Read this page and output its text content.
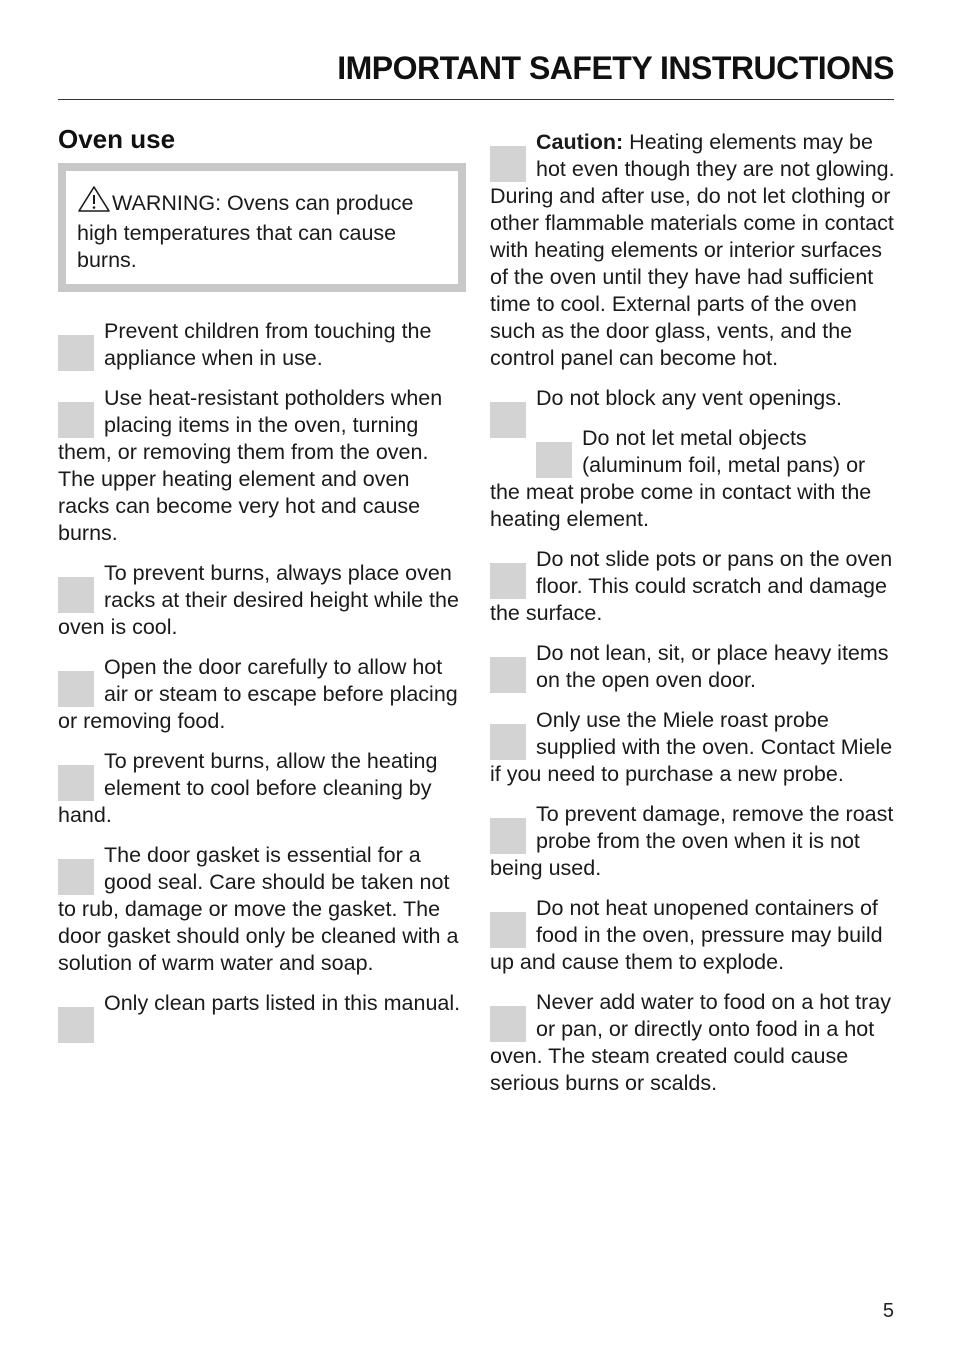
IMPORTANT SAFETY INSTRUCTIONS
Oven use
WARNING: Ovens can produce high temperatures that can cause burns.
Prevent children from touching the appliance when in use.
Use heat-resistant potholders when placing items in the oven, turning them, or removing them from the oven. The upper heating element and oven racks can become very hot and cause burns.
To prevent burns, always place oven racks at their desired height while the oven is cool.
Open the door carefully to allow hot air or steam to escape before placing or removing food.
To prevent burns, allow the heating element to cool before cleaning by hand.
The door gasket is essential for a good seal. Care should be taken not to rub, damage or move the gasket. The door gasket should only be cleaned with a solution of warm water and soap.
Only clean parts listed in this manual.
Caution: Heating elements may be hot even though they are not glowing. During and after use, do not let clothing or other flammable materials come in contact with heating elements or interior surfaces of the oven until they have had sufficient time to cool. External parts of the oven such as the door glass, vents, and the control panel can become hot.
Do not block any vent openings.
Do not let metal objects (aluminum foil, metal pans) or the meat probe come in contact with the heating element.
Do not slide pots or pans on the oven floor. This could scratch and damage the surface.
Do not lean, sit, or place heavy items on the open oven door.
Only use the Miele roast probe supplied with the oven. Contact Miele if you need to purchase a new probe.
To prevent damage, remove the roast probe from the oven when it is not being used.
Do not heat unopened containers of food in the oven, pressure may build up and cause them to explode.
Never add water to food on a hot tray or pan, or directly onto food in a hot oven. The steam created could cause serious burns or scalds.
5
